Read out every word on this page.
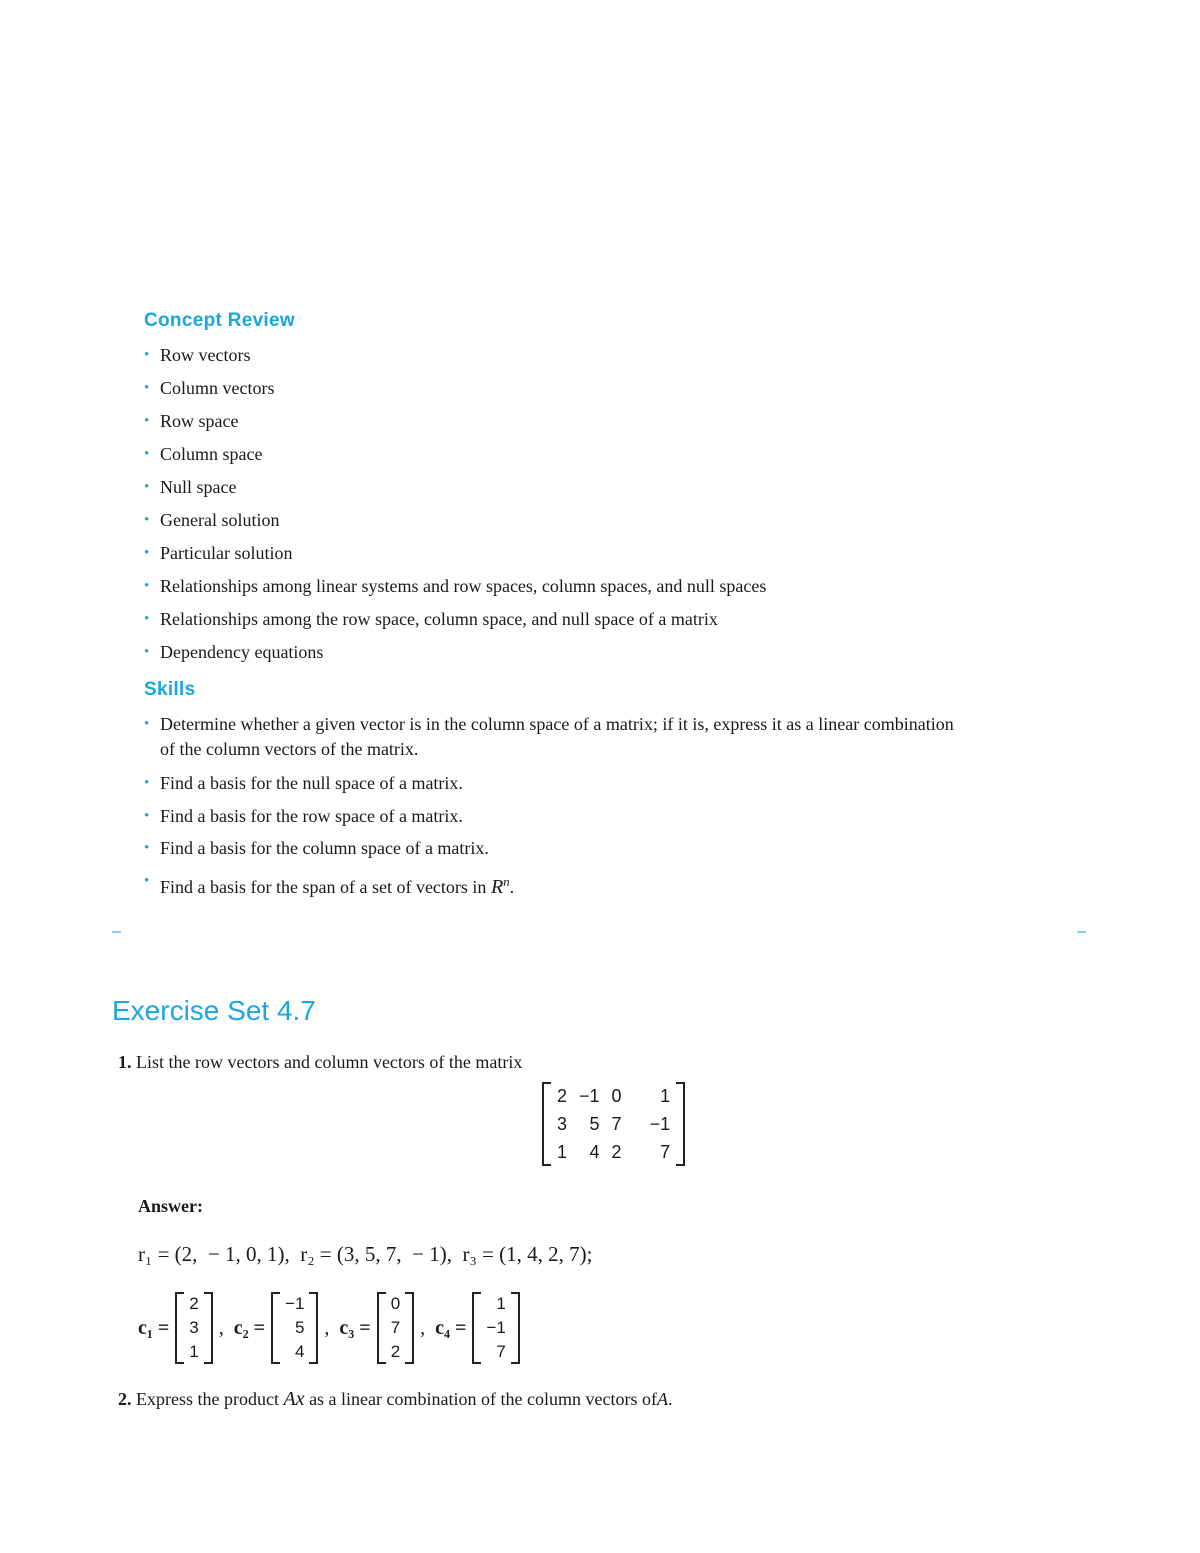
Concept Review
• Row vectors
• Column vectors
• Row space
• Column space
• Null space
• General solution
• Particular solution
• Relationships among linear systems and row spaces, column spaces, and null spaces
• Relationships among the row space, column space, and null space of a matrix
• Dependency equations
Skills
• Determine whether a given vector is in the column space of a matrix; if it is, express it as a linear combination of the column vectors of the matrix.
• Find a basis for the null space of a matrix.
• Find a basis for the row space of a matrix.
• Find a basis for the column space of a matrix.
• Find a basis for the span of a set of vectors in $R^n$.
–	–
Exercise Set 4.7
1. List the row vectors and column vectors of the matrix
2	−1	0	1
3	5	7	−1
1	4	2	7
Answer:
r₁ = (2,  − 1, 0, 1),  r₂ = (3, 5, 7,  − 1),  r₃ = (1, 4, 2, 7);
c₁ =
2
3
1
, c₂ =
−1
5
4
, c₃ =
0
7
2
, c₄ =
1
−1
7
2. Express the product Ax as a linear combination of the column vectors ofA.
